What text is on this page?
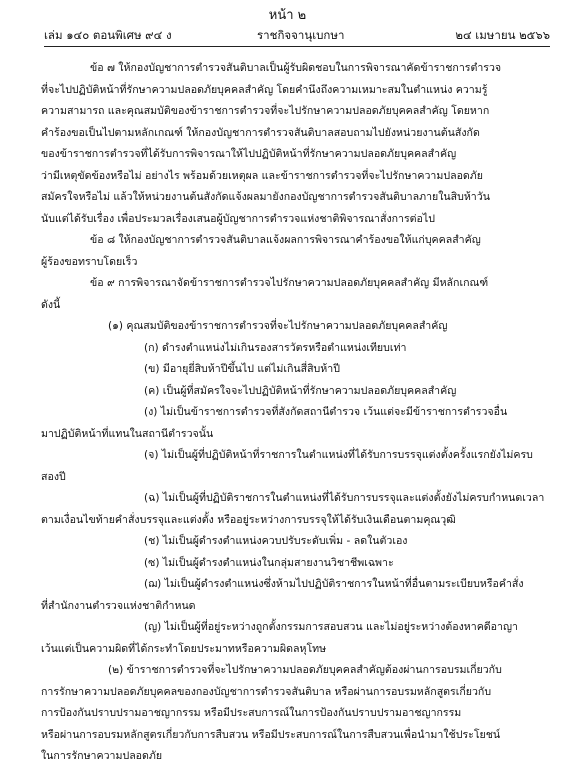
หน้า ๒
เล่ม ๑๔๐ ตอนพิเศษ ๙๔ ง	ราชกิจจานุเบกษา	๒๔ เมษายน ๒๕๖๖
ข้อ ๗ ให้กองบัญชาการตำรวจสันติบาลเป็นผู้รับผิดชอบในการพิจารณาคัดข้าราชการตำรวจ
ที่จะไปปฏิบัติหน้าที่รักษาความปลอดภัยบุคคลสำคัญ โดยคำนึงถึงความเหมาะสมในตำแหน่ง ความรู้
ความสามารถ และคุณสมบัติของข้าราชการตำรวจที่จะไปรักษาความปลอดภัยบุคคลสำคัญ โดยหาก
คำร้องขอเป็นไปตามหลักเกณฑ์ ให้กองบัญชาการตำรวจสันติบาลสอบถามไปยังหน่วยงานต้นสังกัด
ของข้าราชการตำรวจที่ได้รับการพิจารณาให้ไปปฏิบัติหน้าที่รักษาความปลอดภัยบุคคลสำคัญ
ว่ามีเหตุขัดข้องหรือไม่ อย่างไร พร้อมด้วยเหตุผล และข้าราชการตำรวจที่จะไปรักษาความปลอดภัย
สมัครใจหรือไม่ แล้วให้หน่วยงานต้นสังกัดแจ้งผลมายังกองบัญชาการตำรวจสันติบาลภายในสิบห้าวัน
นับแต่ได้รับเรื่อง เพื่อประมวลเรื่องเสนอผู้บัญชาการตำรวจแห่งชาติพิจารณาสั่งการต่อไป
ข้อ ๘ ให้กองบัญชาการตำรวจสันติบาลแจ้งผลการพิจารณาคำร้องขอให้แก่บุคคลสำคัญ
ผู้ร้องขอทราบโดยเร็ว
ข้อ ๙ การพิจารณาจัดข้าราชการตำรวจไปรักษาความปลอดภัยบุคคลสำคัญ มีหลักเกณฑ์
ดังนี้
(๑) คุณสมบัติของข้าราชการตำรวจที่จะไปรักษาความปลอดภัยบุคคลสำคัญ
(ก) ดำรงตำแหน่งไม่เกินรองสารวัตรหรือตำแหน่งเทียบเท่า
(ข) มีอายุยี่สิบห้าปีขึ้นไป แต่ไม่เกินสี่สิบห้าปี
(ค) เป็นผู้ที่สมัครใจจะไปปฏิบัติหน้าที่รักษาความปลอดภัยบุคคลสำคัญ
(ง) ไม่เป็นข้าราชการตำรวจที่สังกัดสถานีตำรวจ เว้นแต่จะมีข้าราชการตำรวจอื่น
มาปฏิบัติหน้าที่แทนในสถานีตำรวจนั้น
(จ) ไม่เป็นผู้ที่ปฏิบัติหน้าที่ราชการในตำแหน่งที่ได้รับการบรรจุแต่งตั้งครั้งแรกยังไม่ครบ
สองปี
(ฉ) ไม่เป็นผู้ที่ปฏิบัติราชการในตำแหน่งที่ได้รับการบรรจุและแต่งตั้งยังไม่ครบกำหนดเวลา
ตามเงื่อนไขท้ายคำสั่งบรรจุและแต่งตั้ง หรืออยู่ระหว่างการบรรจุให้ได้รับเงินเดือนตามคุณวุฒิ
(ช) ไม่เป็นผู้ดำรงตำแหน่งควบปรับระดับเพิ่ม - ลดในตัวเอง
(ซ) ไม่เป็นผู้ดำรงตำแหน่งในกลุ่มสายงานวิชาชีพเฉพาะ
(ฌ) ไม่เป็นผู้ดำรงตำแหน่งซึ่งห้ามไปปฏิบัติราชการในหน้าที่อื่นตามระเบียบหรือคำสั่ง
ที่สำนักงานตำรวจแห่งชาติกำหนด
(ญ) ไม่เป็นผู้ที่อยู่ระหว่างถูกตั้งกรรมการสอบสวน และไม่อยู่ระหว่างต้องหาคดีอาญา
เว้นแต่เป็นความผิดที่ได้กระทำโดยประมาทหรือความผิดลหุโทษ
(๒) ข้าราชการตำรวจที่จะไปรักษาความปลอดภัยบุคคลสำคัญต้องผ่านการอบรมเกี่ยวกับ
การรักษาความปลอดภัยบุคคลของกองบัญชาการตำรวจสันติบาล หรือผ่านการอบรมหลักสูตรเกี่ยวกับ
การป้องกันปราบปรามอาชญากรรม หรือมีประสบการณ์ในการป้องกันปราบปรามอาชญากรรม
หรือผ่านการอบรมหลักสูตรเกี่ยวกับการสืบสวน หรือมีประสบการณ์ในการสืบสวนเพื่อนำมาใช้ประโยชน์
ในการรักษาความปลอดภัย
